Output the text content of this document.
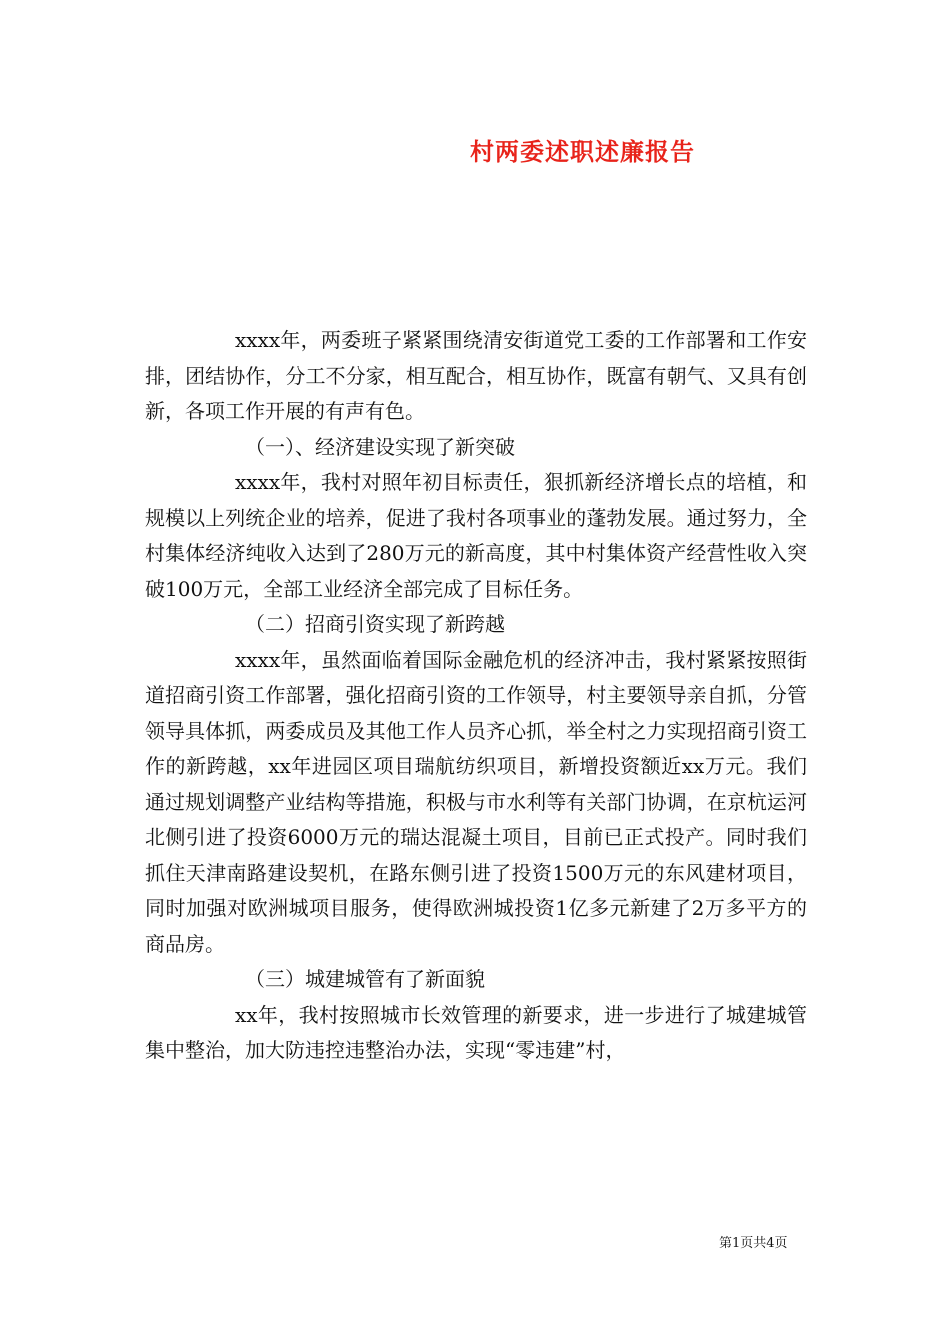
村两委述职述廉报告

xxxx年，两委班子紧紧围绕清安街道党工委的工作部署和工作安排，团结协作，分工不分家，相互配合，相互协作，既富有朝气、又具有创新，各项工作开展的有声有色。

（一）、经济建设实现了新突破

xxxx年，我村对照年初目标责任，狠抓新经济增长点的培植，和规模以上列统企业的培养，促进了我村各项事业的蓬勃发展。通过努力，全村集体经济纯收入达到了280万元的新高度，其中村集体资产经营性收入突破100万元，全部工业经济全部完成了目标任务。

（二）招商引资实现了新跨越

xxxx年，虽然面临着国际金融危机的经济冲击，我村紧紧按照街道招商引资工作部署，强化招商引资的工作领导，村主要领导亲自抓，分管领导具体抓，两委成员及其他工作人员齐心抓，举全村之力实现招商引资工作的新跨越，xx年进园区项目瑞航纺织项目，新增投资额近xx万元。我们通过规划调整产业结构等措施，积极与市水利等有关部门协调，在京杭运河北侧引进了投资6000万元的瑞达混凝土项目，目前已正式投产。同时我们抓住天津南路建设契机，在路东侧引进了投资1500万元的东风建材项目，同时加强对欧洲城项目服务，使得欧洲城投资1亿多元新建了2万多平方的商品房。

（三）城建城管有了新面貌

xx年，我村按照城市长效管理的新要求，进一步进行了城建城管集中整治，加大防违控违整治办法，实现“零违建”村，

第1页共4页
